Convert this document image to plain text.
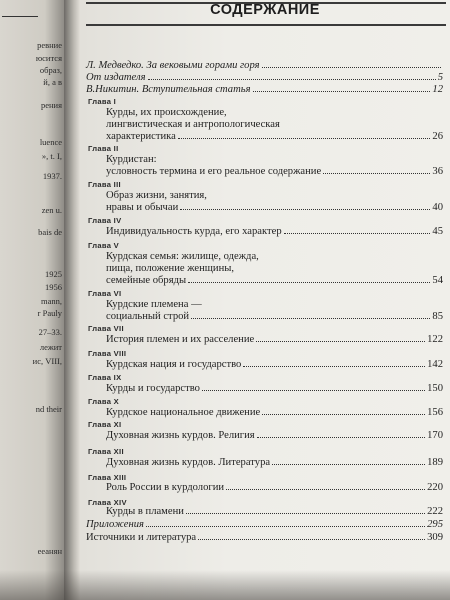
ревние
юсится
образ,
й, а в
рения
luence
», t. I,
1937.
zen u.
bais de
1925
1956
mann,
r Pauly
27–33.
лежит
ис, VIII,
nd their
ееанян
СОДЕРЖАНИЕ
Л. Медведко. За вековыми горами горя
От издателя	5
В.Никитин. Вступительная статья	12
Глава I
Курды, их происхождение,
лингвистическая и антропологическая
характеристика	26
Глава II
Курдистан:
условность термина и его реальное содержание	36
Глава III
Образ жизни, занятия,
нравы и обычаи	40
Глава IV
Индивидуальность курда, его характер	45
Глава V
Курдская семья: жилище, одежда,
пища, положение женщины,
семейные обряды	54
Глава VI
Курдские племена —
социальный строй	85
Глава VII
История племен и их расселение	122
Глава VIII
Курдская нация и государство	142
Глава IX
Курды и государство	150
Глава X
Курдское национальное движение	156
Глава XI
Духовная жизнь курдов. Религия	170
Глава XII
Духовная жизнь курдов. Литература	189
Глава XIII
Роль России в курдологии	220
Глава XIV
Курды в пламени	222
Приложения	295
Источники и литература	309
